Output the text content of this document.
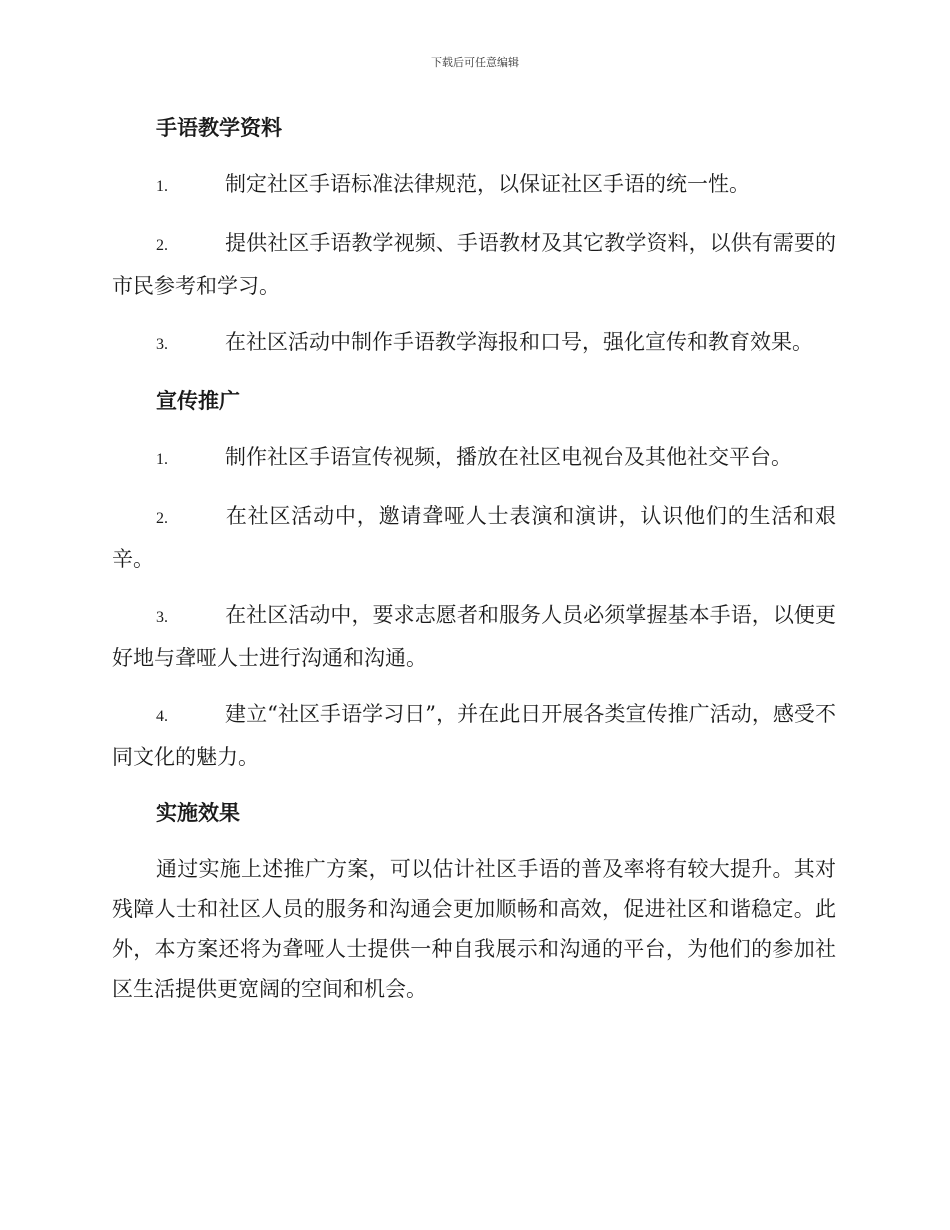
下载后可任意编辑
手语教学资料
1.	制定社区手语标准法律规范，以保证社区手语的统一性。
2.	提供社区手语教学视频、手语教材及其它教学资料，以供有需要的市民参考和学习。
3.	在社区活动中制作手语教学海报和口号，强化宣传和教育效果。
宣传推广
1.	制作社区手语宣传视频，播放在社区电视台及其他社交平台。
2.	在社区活动中，邀请聋哑人士表演和演讲，认识他们的生活和艰辛。
3.	在社区活动中，要求志愿者和服务人员必须掌握基本手语，以便更好地与聋哑人士进行沟通和沟通。
4.	建立“社区手语学习日”，并在此日开展各类宣传推广活动，感受不同文化的魅力。
实施效果
通过实施上述推广方案，可以估计社区手语的普及率将有较大提升。其对残障人士和社区人员的服务和沟通会更加顺畅和高效，促进社区和谐稳定。此外，本方案还将为聋哑人士提供一种自我展示和沟通的平台，为他们的参加社区生活提供更宽阔的空间和机会。
